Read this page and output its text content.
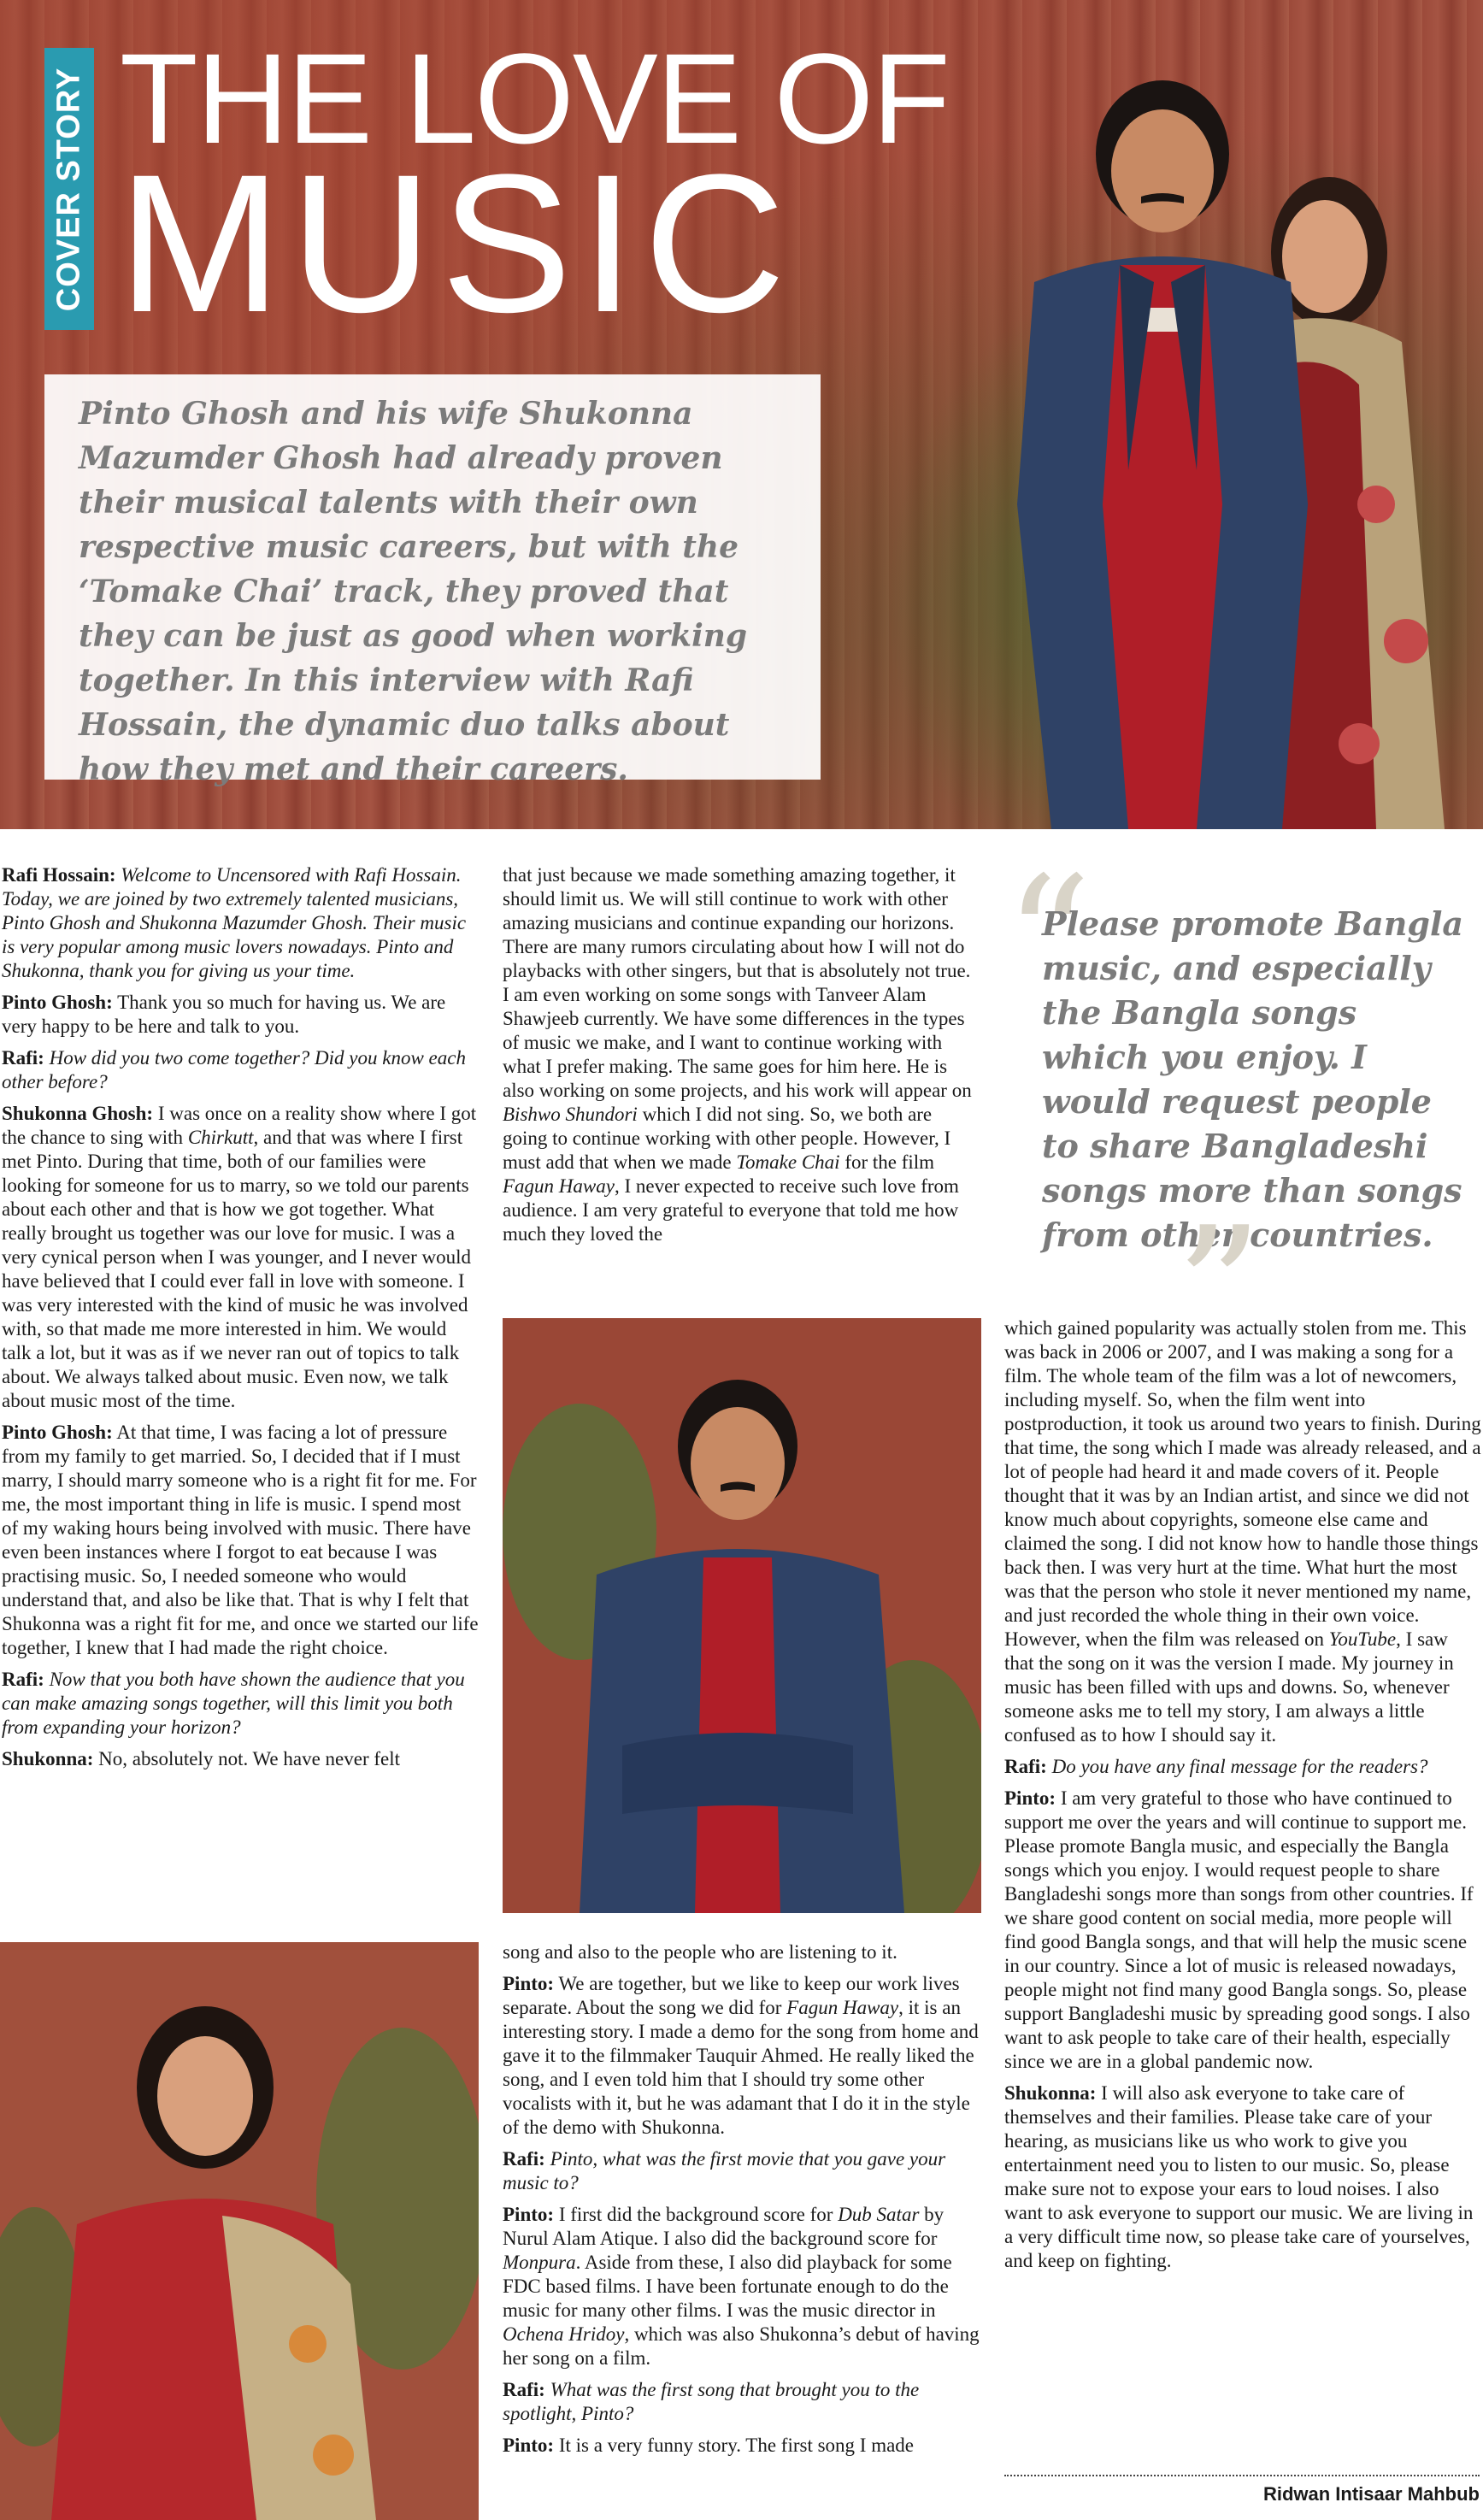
COVER STORY THE LOVE OF
MUSIC

Pinto Ghosh and his wife Shukonna Mazumder Ghosh had already proven their musical talents with their own respective music careers, but with the ‘Tomake Chai’ track, they proved that they can be just as good when working together. In this interview with Rafi Hossain, the dynamic duo talks about how they met and their careers.

Rafi Hossain: Welcome to Uncensored with Rafi Hossain. Today, we are joined by two extremely talented musicians, Pinto Ghosh and Shukonna Mazumder Ghosh. Their music is very popular among music lovers nowadays. Pinto and Shukonna, thank you for giving us your time.

Pinto Ghosh: Thank you so much for having us. We are very happy to be here and talk to you.

Rafi: How did you two come together? Did you know each other before?

Shukonna Ghosh: I was once on a reality show where I got the chance to sing with Chirkutt, and that was where I first met Pinto. During that time, both of our families were looking for someone for us to marry, so we told our parents about each other and that is how we got together. What really brought us together was our love for music. I was a very cynical person when I was younger, and I never would have believed that I could ever fall in love with someone. I was very interested with the kind of music he was involved with, so that made me more interested in him. We would talk a lot, but it was as if we never ran out of topics to talk about. We always talked about music. Even now, we talk about music most of the time.

Pinto Ghosh: At that time, I was facing a lot of pressure from my family to get married. So, I decided that if I must marry, I should marry someone who is a right fit for me. For me, the most important thing in life is music. I spend most of my waking hours being involved with music. There have even been instances where I forgot to eat because I was practising music. So, I needed someone who would understand that, and also be like that. That is why I felt that Shukonna was a right fit for me, and once we started our life together, I knew that I had made the right choice.

Rafi: Now that you both have shown the audience that you can make amazing songs together, will this limit you both from expanding your horizon?

Shukonna: No, absolutely not. We have never felt

that just because we made something amazing together, it should limit us. We will still continue to work with other amazing musicians and continue expanding our horizons. There are many rumors circulating about how I will not do playbacks with other singers, but that is absolutely not true. I am even working on some songs with Tanveer Alam Shawjeeb currently. We have some differences in the types of music we make, and I want to continue working with what I prefer making. The same goes for him here. He is also working on some projects, and his work will appear on Bishwo Shundori which I did not sing. So, we both are going to continue working with other people. However, I must add that when we made Tomake Chai for the film Fagun Haway, I never expected to receive such love from audience. I am very grateful to everyone that told me how much they loved the

song and also to the people who are listening to it.

Pinto: We are together, but we like to keep our work lives separate. About the song we did for Fagun Haway, it is an interesting story. I made a demo for the song from home and gave it to the filmmaker Tauquir Ahmed. He really liked the song, and I even told him that I should try some other vocalists with it, but he was adamant that I do it in the style of the demo with Shukonna.

Rafi: Pinto, what was the first movie that you gave your music to?

Pinto: I first did the background score for Dub Satar by Nurul Alam Atique. I also did the background score for Monpura. Aside from these, I also did playback for some FDC based films. I have been fortunate enough to do the music for many other films. I was the music director in Ochena Hridoy, which was also Shukonna’s debut of having her song on a film.

Rafi: What was the first song that brought you to the spotlight, Pinto?

Pinto: It is a very funny story. The first song I made

“

Please promote Bangla music, and especially the Bangla songs which you enjoy. I would request people to share Bangladeshi songs more than songs from other countries.

”

which gained popularity was actually stolen from me. This was back in 2006 or 2007, and I was making a song for a film. The whole team of the film was a lot of newcomers, including myself. So, when the film went into postproduction, it took us around two years to finish. During that time, the song which I made was already released, and a lot of people had heard it and made covers of it. People thought that it was by an Indian artist, and since we did not know much about copyrights, someone else came and claimed the song. I did not know how to handle those things back then. I was very hurt at the time. What hurt the most was that the person who stole it never mentioned my name, and just recorded the whole thing in their own voice. However, when the film was released on YouTube, I saw that the song on it was the version I made. My journey in music has been filled with ups and downs. So, whenever someone asks me to tell my story, I am always a little confused as to how I should say it.

Rafi: Do you have any final message for the readers?

Pinto: I am very grateful to those who have continued to support me over the years and will continue to support me. Please promote Bangla music, and especially the Bangla songs which you enjoy. I would request people to share Bangladeshi songs more than songs from other countries. If we share good content on social media, more people will find good Bangla songs, and that will help the music scene in our country. Since a lot of music is released nowadays, people might not find many good Bangla songs. So, please support Bangladeshi music by spreading good songs. I also want to ask people to take care of their health, especially since we are in a global pandemic now.

Shukonna: I will also ask everyone to take care of themselves and their families. Please take care of your hearing, as musicians like us who work to give you entertainment need you to listen to our music. So, please make sure not to expose your ears to loud noises. I also want to ask everyone to support our music. We are living in a very difficult time now, so please take care of yourselves, and keep on fighting.

Ridwan Intisaar Mahbub
